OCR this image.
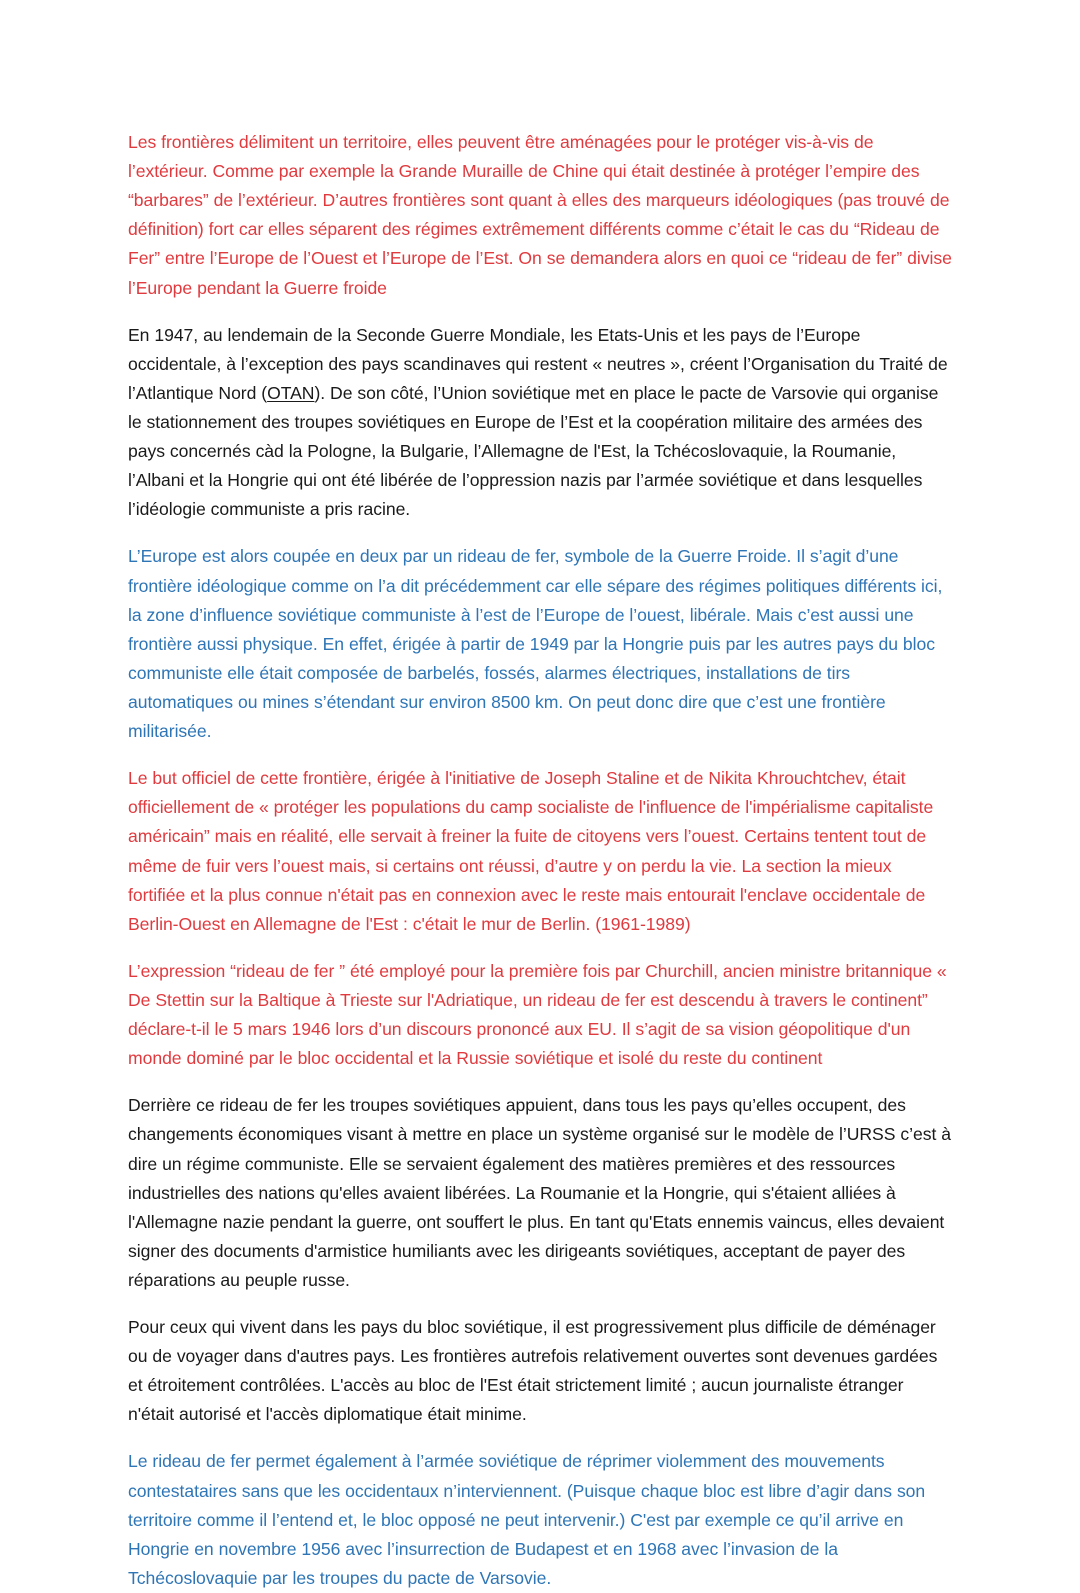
Les frontières délimitent un territoire, elles peuvent être aménagées pour le protéger vis-à-vis de l’extérieur. Comme par exemple la Grande Muraille de Chine qui était destinée à protéger l’empire des “barbares” de l’extérieur. D’autres frontières sont quant à elles des marqueurs idéologiques (pas trouvé de définition) fort car elles séparent des régimes extrêmement différents comme c’était le cas du “Rideau de Fer” entre l’Europe de l’Ouest et l’Europe de l’Est. On se demandera alors en quoi ce “rideau de fer” divise l’Europe pendant la Guerre froide

En 1947, au lendemain de la Seconde Guerre Mondiale, les Etats-Unis et les pays de l’Europe occidentale, à l’exception des pays scandinaves qui restent « neutres », créent l’Organisation du Traité de l’Atlantique Nord (OTAN). De son côté, l’Union soviétique met en place le pacte de Varsovie qui organise le stationnement des troupes soviétiques en Europe de l’Est et la coopération militaire des armées des pays concernés càd la Pologne, la Bulgarie, l’Allemagne de l'Est, la Tchécoslovaquie, la Roumanie, l’Albani et la Hongrie qui ont été libérée de l’oppression nazis par l’armée soviétique et dans lesquelles l’idéologie communiste a pris racine.

L’Europe est alors coupée en deux par un rideau de fer, symbole de la Guerre Froide. Il s’agit d’une frontière idéologique comme on l’a dit précédemment car elle sépare des régimes politiques différents ici, la zone d’influence soviétique communiste à l’est de l’Europe de l’ouest, libérale. Mais c’est aussi une frontière aussi physique. En effet, érigée à partir de 1949 par la Hongrie puis par les autres pays du bloc communiste elle était composée de barbelés, fossés, alarmes électriques, installations de tirs automatiques ou mines s’étendant sur environ 8500 km. On peut donc dire que c’est une frontière militarisée.

Le but officiel de cette frontière, érigée à l'initiative de Joseph Staline et de Nikita Khrouchtchev, était officiellement de « protéger les populations du camp socialiste de l'influence de l'impérialisme capitaliste américain” mais en réalité, elle servait à freiner la fuite de citoyens vers l’ouest. Certains tentent tout de même de fuir vers l’ouest mais, si certains ont réussi, d’autre y on perdu la vie. La section la mieux fortifiée et la plus connue n'était pas en connexion avec le reste mais entourait l'enclave occidentale de Berlin-Ouest en Allemagne de l'Est : c'était le mur de Berlin. (1961-1989)

L’expression “rideau de fer ” été employé pour la première fois par Churchill, ancien ministre britannique « De Stettin sur la Baltique à Trieste sur l'Adriatique, un rideau de fer est descendu à travers le continent” déclare-t-il le 5 mars 1946 lors d’un discours prononcé aux EU. Il s’agit de sa vision géopolitique d'un monde dominé par le bloc occidental et la Russie soviétique et isolé du reste du continent

Derrière ce rideau de fer les troupes soviétiques appuient, dans tous les pays qu’elles occupent, des changements économiques visant à mettre en place un système organisé sur le modèle de l’URSS c’est à dire un régime communiste. Elle se servaient également des matières premières et des ressources industrielles des nations qu'elles avaient libérées. La Roumanie et la Hongrie, qui s'étaient alliées à l'Allemagne nazie pendant la guerre, ont souffert le plus. En tant qu'Etats ennemis vaincus, elles devaient signer des documents d'armistice humiliants avec les dirigeants soviétiques, acceptant de payer des réparations au peuple russe.

Pour ceux qui vivent dans les pays du bloc soviétique, il est progressivement plus difficile de déménager ou de voyager dans d'autres pays. Les frontières autrefois relativement ouvertes sont devenues gardées et étroitement contrôlées. L'accès au bloc de l'Est était strictement limité ; aucun journaliste étranger n'était autorisé et l'accès diplomatique était minime.

Le rideau de fer permet également à l’armée soviétique de réprimer violemment des mouvements contestataires sans que les occidentaux n’interviennent. (Puisque chaque bloc est libre d’agir dans son territoire comme il l’entend et, le bloc opposé ne peut intervenir.) C'est par exemple ce qu’il arrive en Hongrie en novembre 1956 avec l’insurrection de Budapest et en 1968 avec l’invasion de la Tchécoslovaquie par les troupes du pacte de Varsovie.
